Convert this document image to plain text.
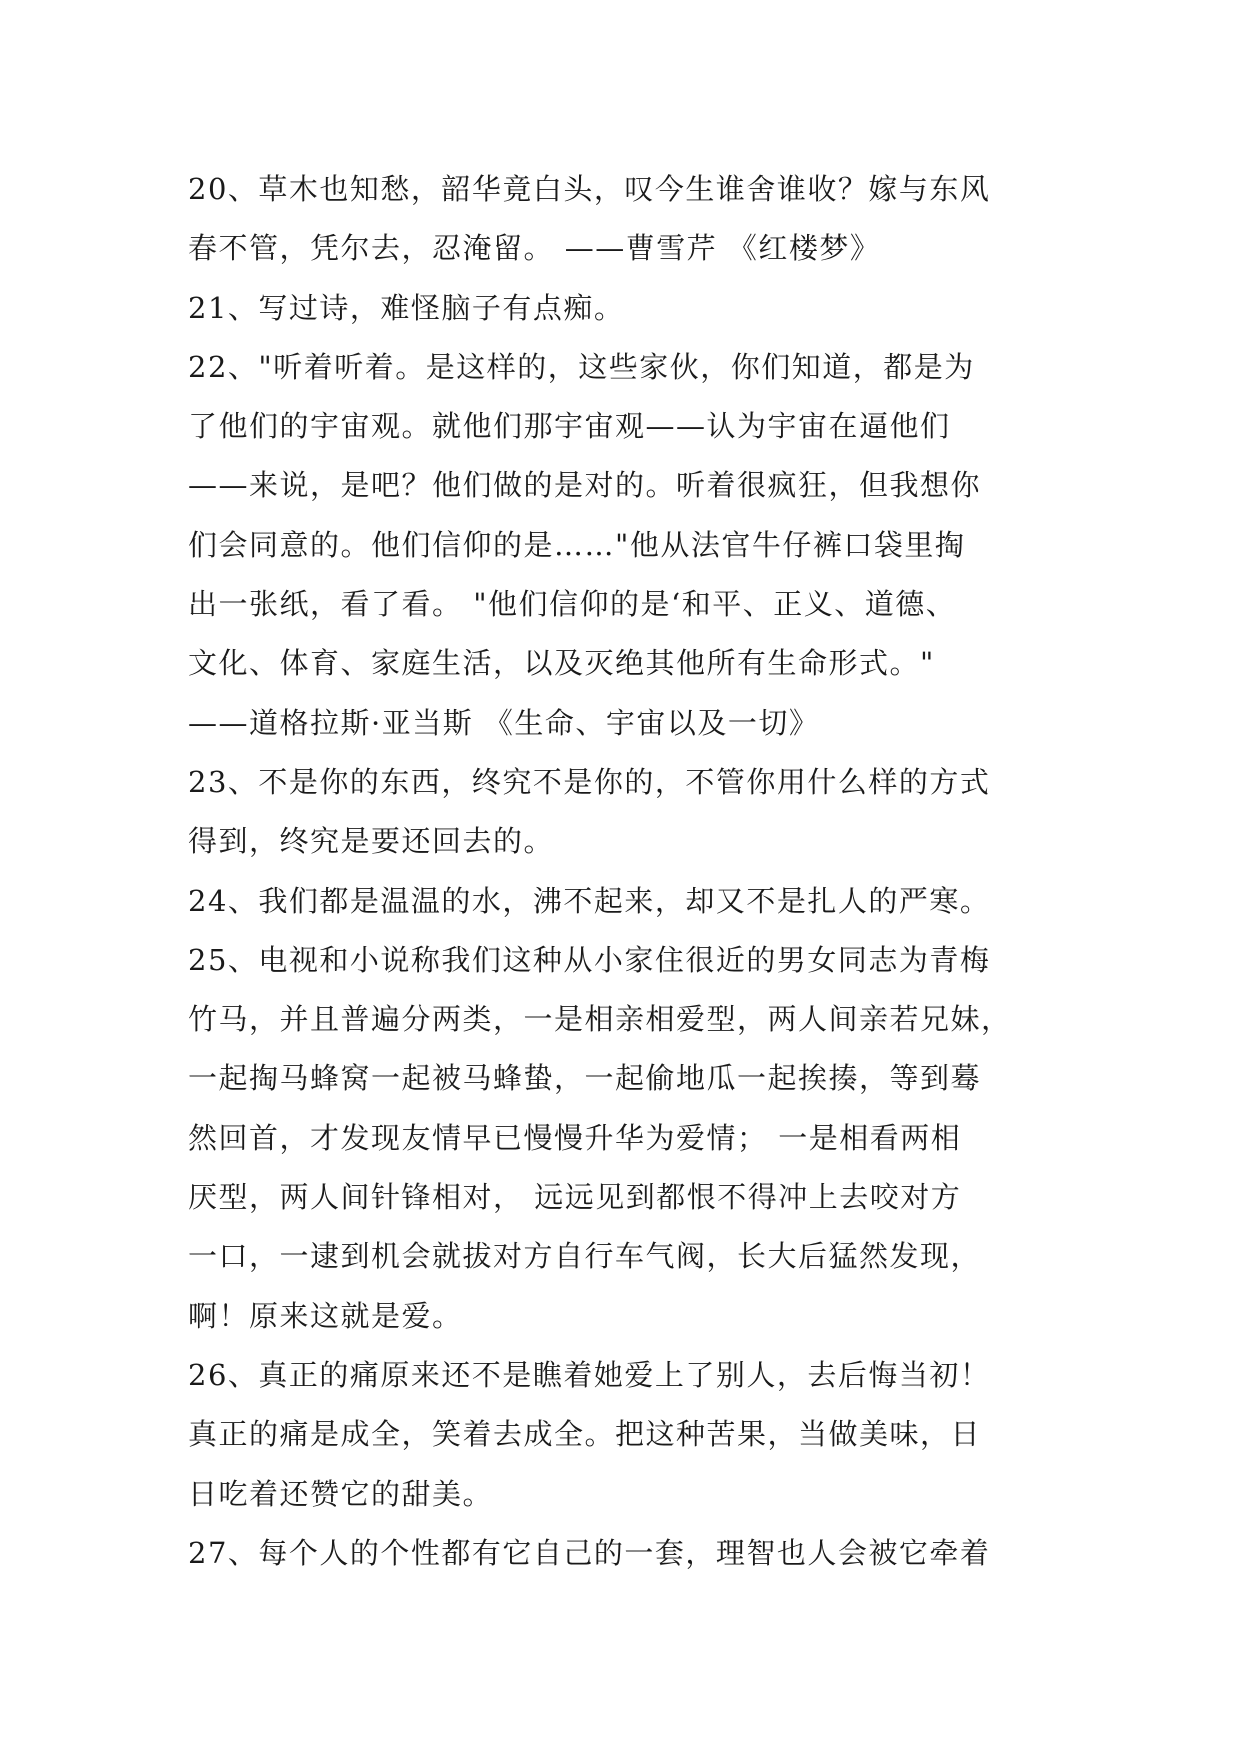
20、草木也知愁，韶华竟白头，叹今生谁舍谁收？嫁与东风
春不管，凭尔去，忍淹留。 ——曹雪芹 《红楼梦》
21、写过诗，难怪脑子有点痴。
22、"听着听着。是这样的，这些家伙，你们知道，都是为
了他们的宇宙观。就他们那宇宙观——认为宇宙在逼他们
——来说，是吧？他们做的是对的。听着很疯狂，但我想你
们会同意的。他们信仰的是……"他从法官牛仔裤口袋里掏
出一张纸，看了看。 "他们信仰的是‘和平、正义、道德、
文化、体育、家庭生活，以及灭绝其他所有生命形式。"
——道格拉斯·亚当斯 《生命、宇宙以及一切》
23、不是你的东西，终究不是你的，不管你用什么样的方式
得到，终究是要还回去的。
24、我们都是温温的水，沸不起来，却又不是扎人的严寒。
25、电视和小说称我们这种从小家住很近的男女同志为青梅
竹马，并且普遍分两类，一是相亲相爱型，两人间亲若兄妹，
一起掏马蜂窝一起被马蜂蛰，一起偷地瓜一起挨揍，等到蓦
然回首，才发现友情早已慢慢升华为爱情； 一是相看两相
厌型，两人间针锋相对， 远远见到都恨不得冲上去咬对方
一口，一逮到机会就拔对方自行车气阀，长大后猛然发现，
啊！原来这就是爱。
26、真正的痛原来还不是瞧着她爱上了别人，去后悔当初！
真正的痛是成全，笑着去成全。把这种苦果，当做美味，日
日吃着还赞它的甜美。
27、每个人的个性都有它自己的一套，理智也人会被它牵着
